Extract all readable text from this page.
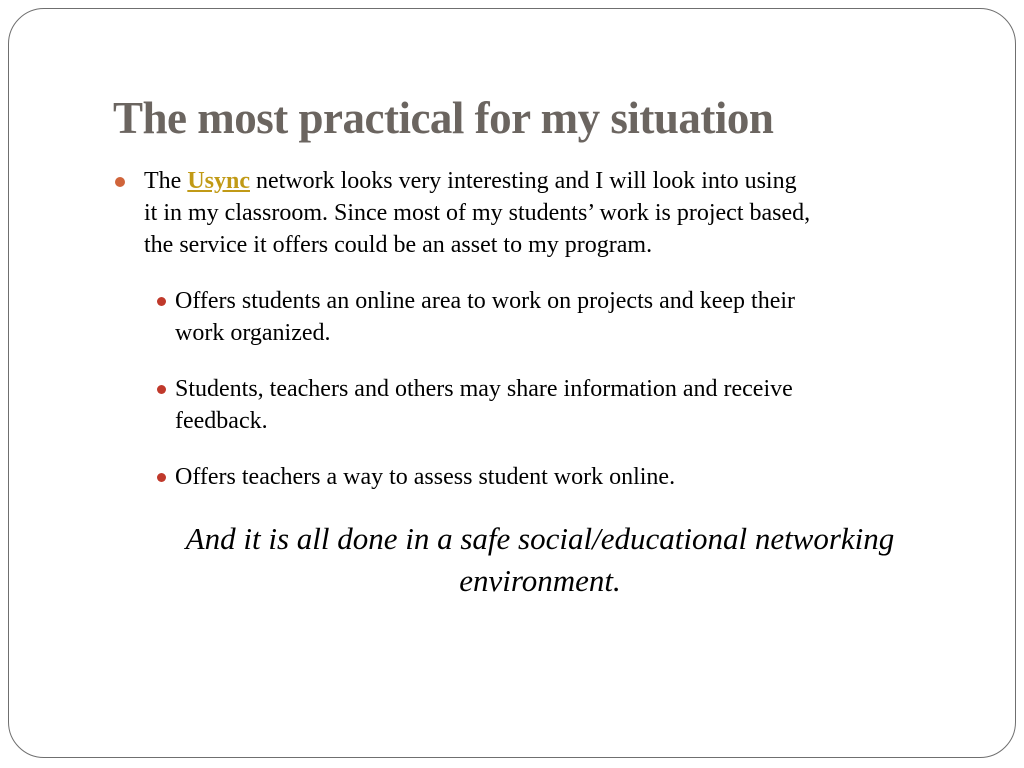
The most practical for my situation

The Usync network looks very interesting and I will look into using
it in my classroom. Since most of my students’ work is project based,
the service it offers could be an asset to my program.

Offers students an online area to work on projects and keep their
work organized.

Students, teachers and others may share information and receive
feedback.

Offers teachers a way to assess student work online.

And it is all done in a safe social/educational networking
environment.
